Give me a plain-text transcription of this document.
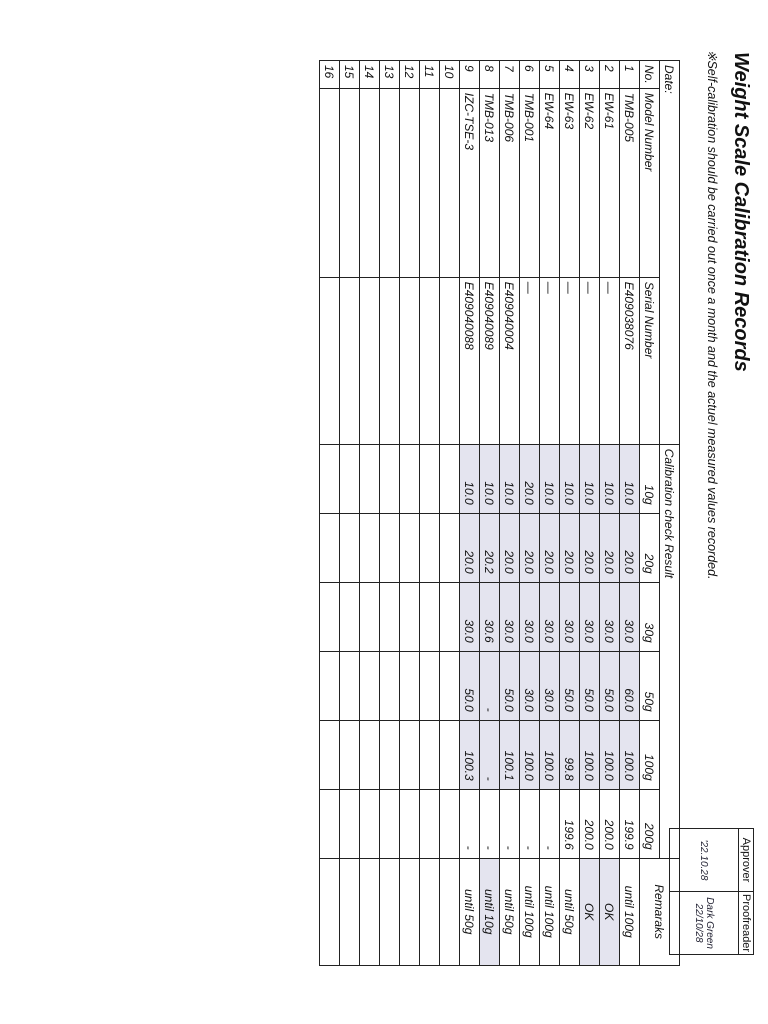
Weight Scale Calibration Records
※Self-calibration should be carried out once a month and the actuel measured values recorded.
Approver	Proofreader
'22.10.28	Dark Green 22/10/28
Date:			Calibration check Result						Remaraks
No.	Model Number	Serial Number	10g	20g	30g	50g	100g	200g	
1	TMB-005	E409038076	10.0	20.0	30.0	60.0	100.0	199.9	until 100g
2	EW-61	—	10.0	20.0	30.0	50.0	100.0	200.0	OK
3	EW-62	—	10.0	20.0	30.0	50.0	100.0	200.0	OK
4	EW-63	—	10.0	20.0	30.0	50.0	99.8	199.6	until 50g
5	EW-64	—	10.0	20.0	30.0	30.0	100.0	-	until 100g
6	TMB-001	—	20.0	20.0	30.0	30.0	100.0	-	until 100g
7	TMB-006	E409040004	10.0	20.0	30.0	50.0	100.1	-	until 50g
8	TMB-013	E409040089	10.0	20.2	30.6	-	-	-	until 10g
9	IZC-TSE-3	E409040088	10.0	20.0	30.0	50.0	100.3	-	until 50g
10									
11									
12									
13									
14									
15									
16									
